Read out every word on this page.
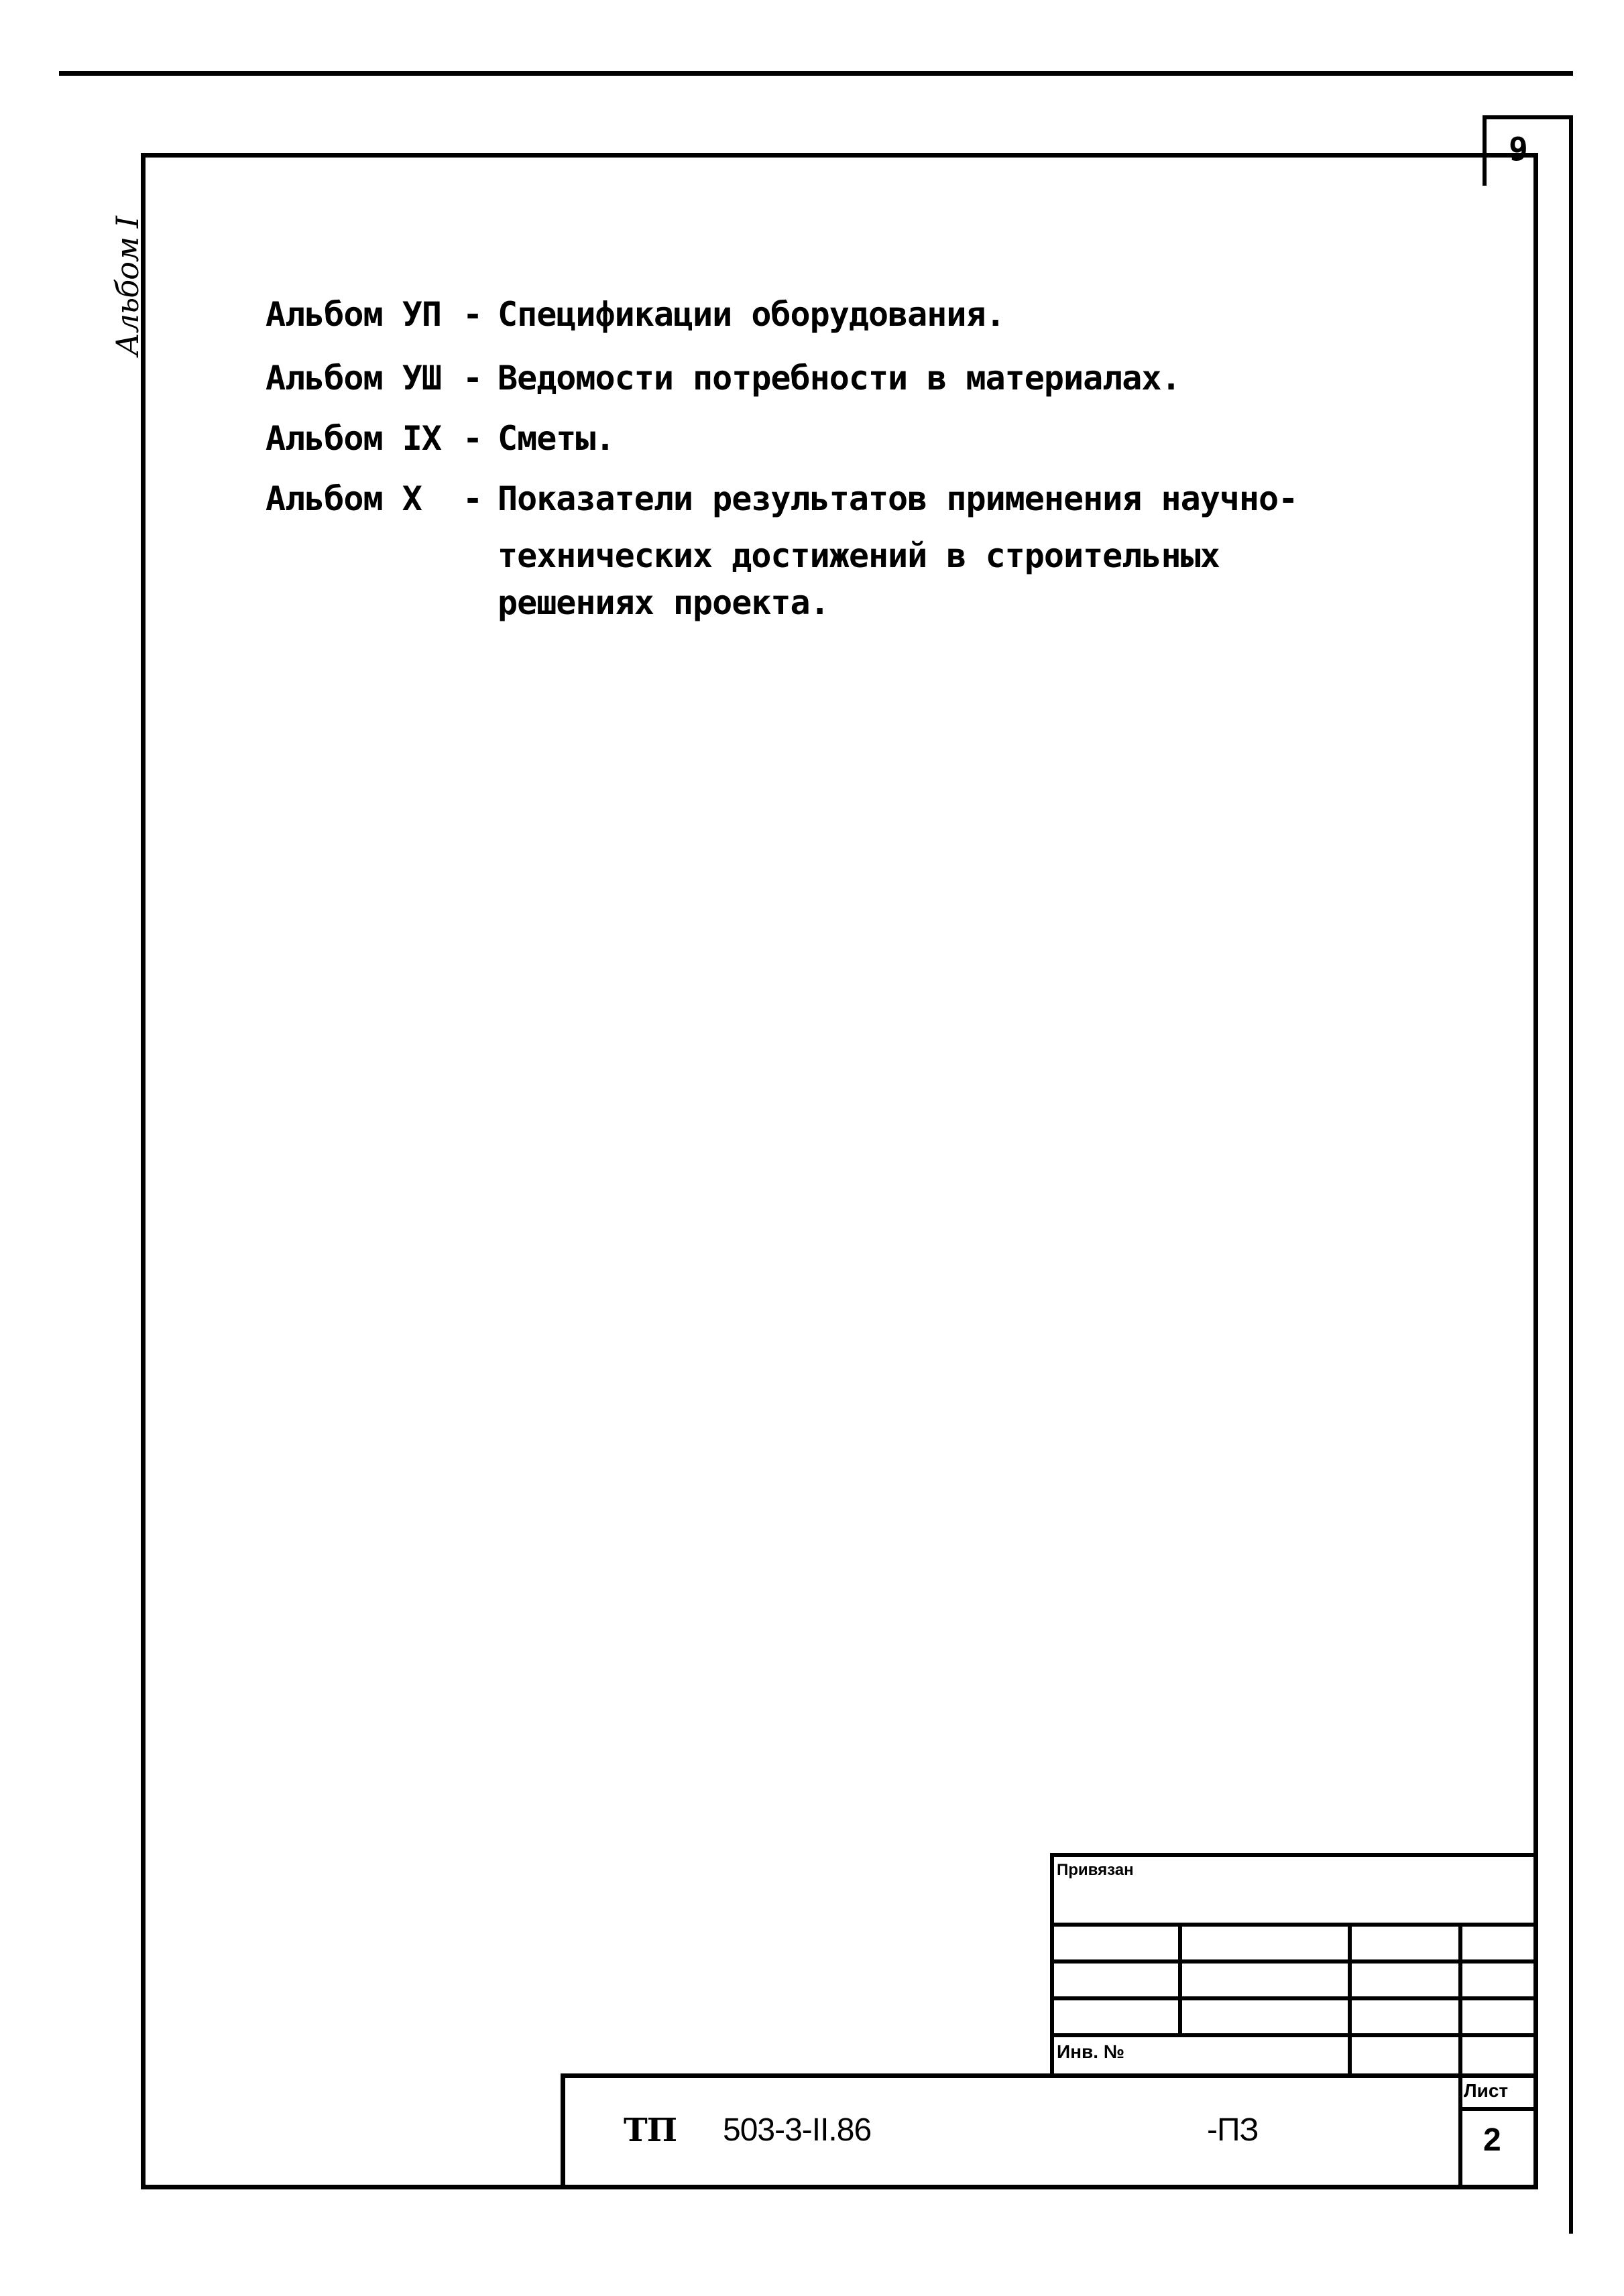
9
Альбом I	Альбом УП - Спецификации оборудования.
Альбом УШ - Ведомости потребности в материалах.
Альбом IX - Сметы.
Альбом X - Показатели результатов применения научно-
технических достижений в строительных
решениях проекта.
Привязан
Инв. №
Лист
2
ТП 503-3-II.86	-ПЗ
